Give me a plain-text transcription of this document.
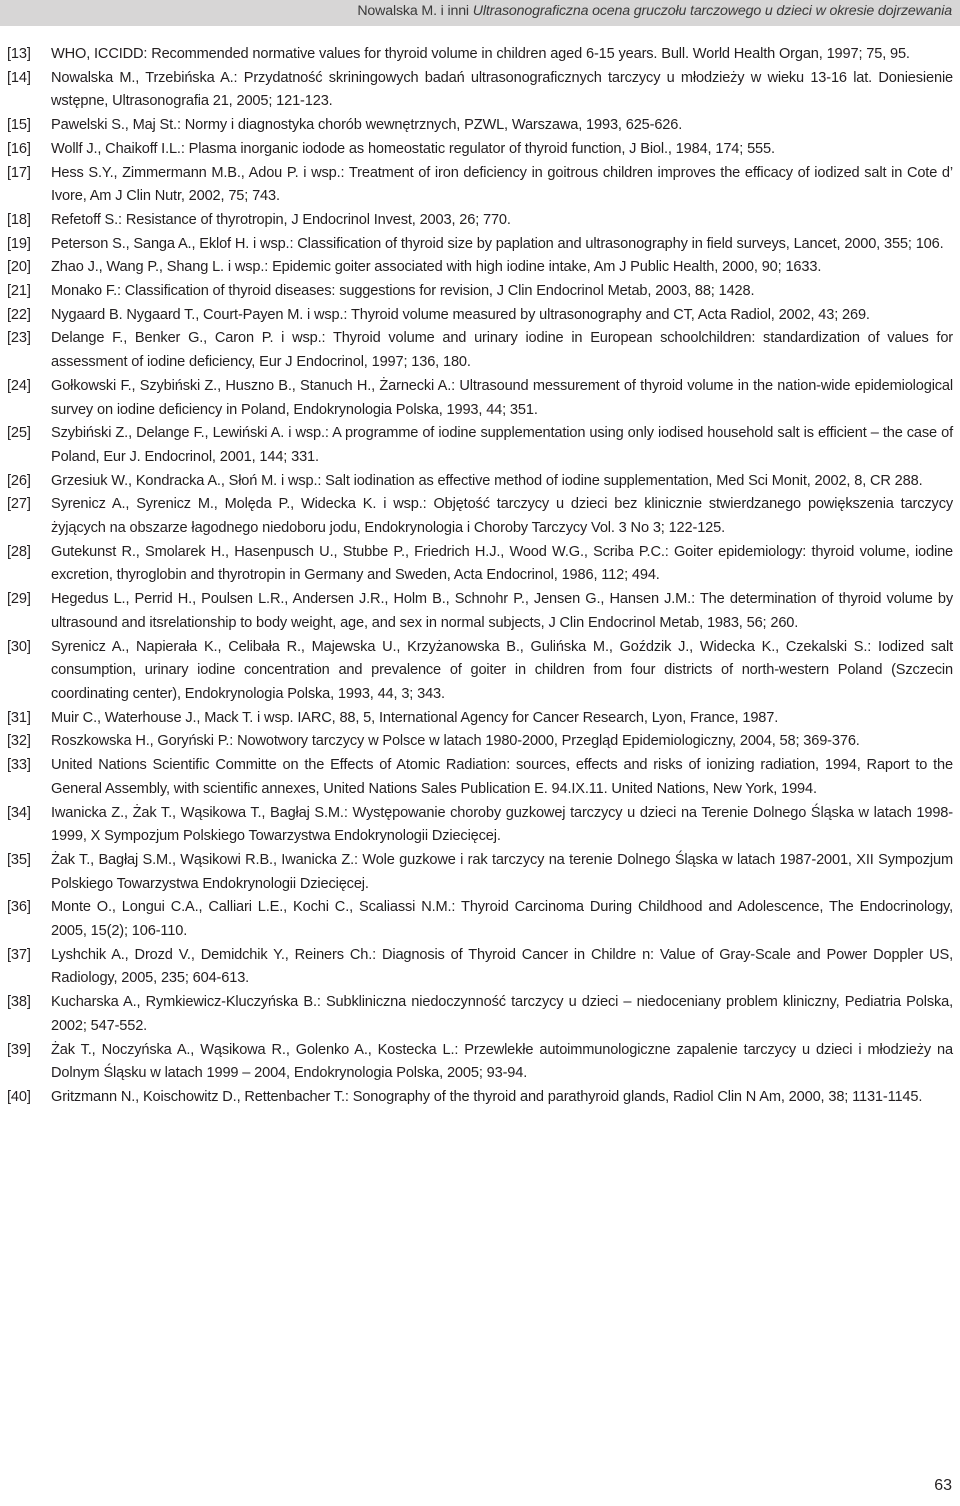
Nowalska M. i inni Ultrasonograficzna ocena gruczołu tarczowego u dzieci w okresie dojrzewania
[13] WHO, ICCIDD: Recommended normative values for thyroid volume in children aged 6-15 years. Bull. World Health Organ, 1997; 75, 95.
[14] Nowalska M., Trzebińska A.: Przydatność skriningowych badań ultrasonograficznych tarczycy u młodzieży w wieku 13-16 lat. Doniesienie wstępne, Ultrasonografia 21, 2005; 121-123.
[15] Pawelski S., Maj St.: Normy i diagnostyka chorób wewnętrznych, PZWL, Warszawa, 1993, 625-626.
[16] Wollf J., Chaikoff I.L.: Plasma inorganic iodode as homeostatic regulator of thyroid function, J Biol., 1984, 174; 555.
[17] Hess S.Y., Zimmermann M.B., Adou P. i wsp.: Treatment of iron deficiency in goitrous children improves the efficacy of iodized salt in Cote d’ Ivore, Am J Clin Nutr, 2002, 75; 743.
[18] Refetoff S.: Resistance of thyrotropin, J Endocrinol Invest, 2003, 26; 770.
[19] Peterson S., Sanga A., Eklof H. i wsp.: Classification of thyroid size by paplation and ultrasonography in field surveys, Lancet, 2000, 355; 106.
[20] Zhao J., Wang P., Shang L. i wsp.: Epidemic goiter associated with high iodine intake, Am J Public Health, 2000, 90; 1633.
[21] Monako F.: Classification of thyroid diseases: suggestions for revision, J Clin Endocrinol Metab, 2003, 88; 1428.
[22] Nygaard B. Nygaard T., Court-Payen M. i wsp.: Thyroid volume measured by ultrasonography and CT, Acta Radiol, 2002, 43; 269.
[23] Delange F., Benker G., Caron P. i wsp.: Thyroid volume and urinary iodine in European schoolchildren: standardization of values for assessment of iodine deficiency, Eur J Endocrinol, 1997; 136, 180.
[24] Gołkowski F., Szybiński Z., Huszno B., Stanuch H., Żarnecki A.: Ultrasound messurement of thyroid volume in the nation-wide epidemiological survey on iodine deficiency in Poland, Endokrynologia Polska, 1993, 44; 351.
[25] Szybiński Z., Delange F., Lewiński A. i wsp.: A programme of iodine supplementation using only iodised household salt is efficient – the case of Poland, Eur J. Endocrinol, 2001, 144; 331.
[26] Grzesiuk W., Kondracka A., Słoń M. i wsp.: Salt iodination as effective method of iodine supplementation, Med Sci Monit, 2002, 8, CR 288.
[27] Syrenicz A., Syrenicz M., Molęda P., Widecka K. i wsp.: Objętość tarczycy u dzieci bez klinicznie stwierdzanego powiększenia tarczycy żyjących na obszarze łagodnego niedoboru jodu, Endokrynologia i Choroby Tarczycy Vol. 3 No 3; 122-125.
[28] Gutekunst R., Smolarek H., Hasenpusch U., Stubbe P., Friedrich H.J., Wood W.G., Scriba P.C.: Goiter epidemiology: thyroid volume, iodine excretion, thyroglobin and thyrotropin in Germany and Sweden, Acta Endocrinol, 1986, 112; 494.
[29] Hegedus L., Perrid H., Poulsen L.R., Andersen J.R., Holm B., Schnohr P., Jensen G., Hansen J.M.: The determination of thyroid volume by ultrasound and itsrelationship to body weight, age, and sex in normal subjects, J Clin Endocrinol Metab, 1983, 56; 260.
[30] Syrenicz A., Napierała K., Celibała R., Majewska U., Krzyżanowska B., Gulińska M., Goździk J., Widecka K., Czekalski S.: Iodized salt consumption, urinary iodine concentration and prevalence of goiter in children from four districts of north-western Poland (Szczecin coordinating center), Endokrynologia Polska, 1993, 44, 3; 343.
[31] Muir C., Waterhouse J., Mack T. i wsp. IARC, 88, 5, International Agency for Cancer Research, Lyon, France, 1987.
[32] Roszkowska H., Goryński P.: Nowotwory tarczycy w Polsce w latach 1980-2000, Przegląd Epidemiologiczny, 2004, 58; 369-376.
[33] United Nations Scientific Committe on the Effects of Atomic Radiation: sources, effects and risks of ionizing radiation, 1994, Raport to the General Assembly, with scientific annexes, United Nations Sales Publication E. 94.IX.11. United Nations, New York, 1994.
[34] Iwanicka Z., Żak T., Wąsikowa T., Bagłaj S.M.: Występowanie choroby guzkowej tarczycy u dzieci na Terenie Dolnego Śląska w latach 1998-1999, X Sympozjum Polskiego Towarzystwa Endokrynologii Dziecięcej.
[35] Żak T., Bagłaj S.M., Wąsikowi R.B., Iwanicka Z.: Wole guzkowe i rak tarczycy na terenie Dolnego Śląska w latach 1987-2001, XII Sympozjum Polskiego Towarzystwa Endokrynologii Dziecięcej.
[36] Monte O., Longui C.A., Calliari L.E., Kochi C., Scaliassi N.M.: Thyroid Carcinoma During Childhood and Adolescence, The Endocrinology, 2005, 15(2); 106-110.
[37] Lyshchik A., Drozd V., Demidchik Y., Reiners Ch.: Diagnosis of Thyroid Cancer in Childre n: Value of Gray-Scale and Power Doppler US, Radiology, 2005, 235; 604-613.
[38] Kucharska A., Rymkiewicz-Kluczyńska B.: Subkliniczna niedoczynność tarczycy u dzieci – niedoceniany problem kliniczny, Pediatria Polska, 2002; 547-552.
[39] Żak T., Noczyńska A., Wąsikowa R., Golenko A., Kostecka L.: Przewlekłe autoimmunologiczne zapalenie tarczycy u dzieci i młodzieży na Dolnym Śląsku w latach 1999 – 2004, Endokrynologia Polska, 2005; 93-94.
[40] Gritzmann N., Koischowitz D., Rettenbacher T.: Sonography of the thyroid and parathyroid glands, Radiol Clin N Am, 2000, 38; 1131-1145.
63
